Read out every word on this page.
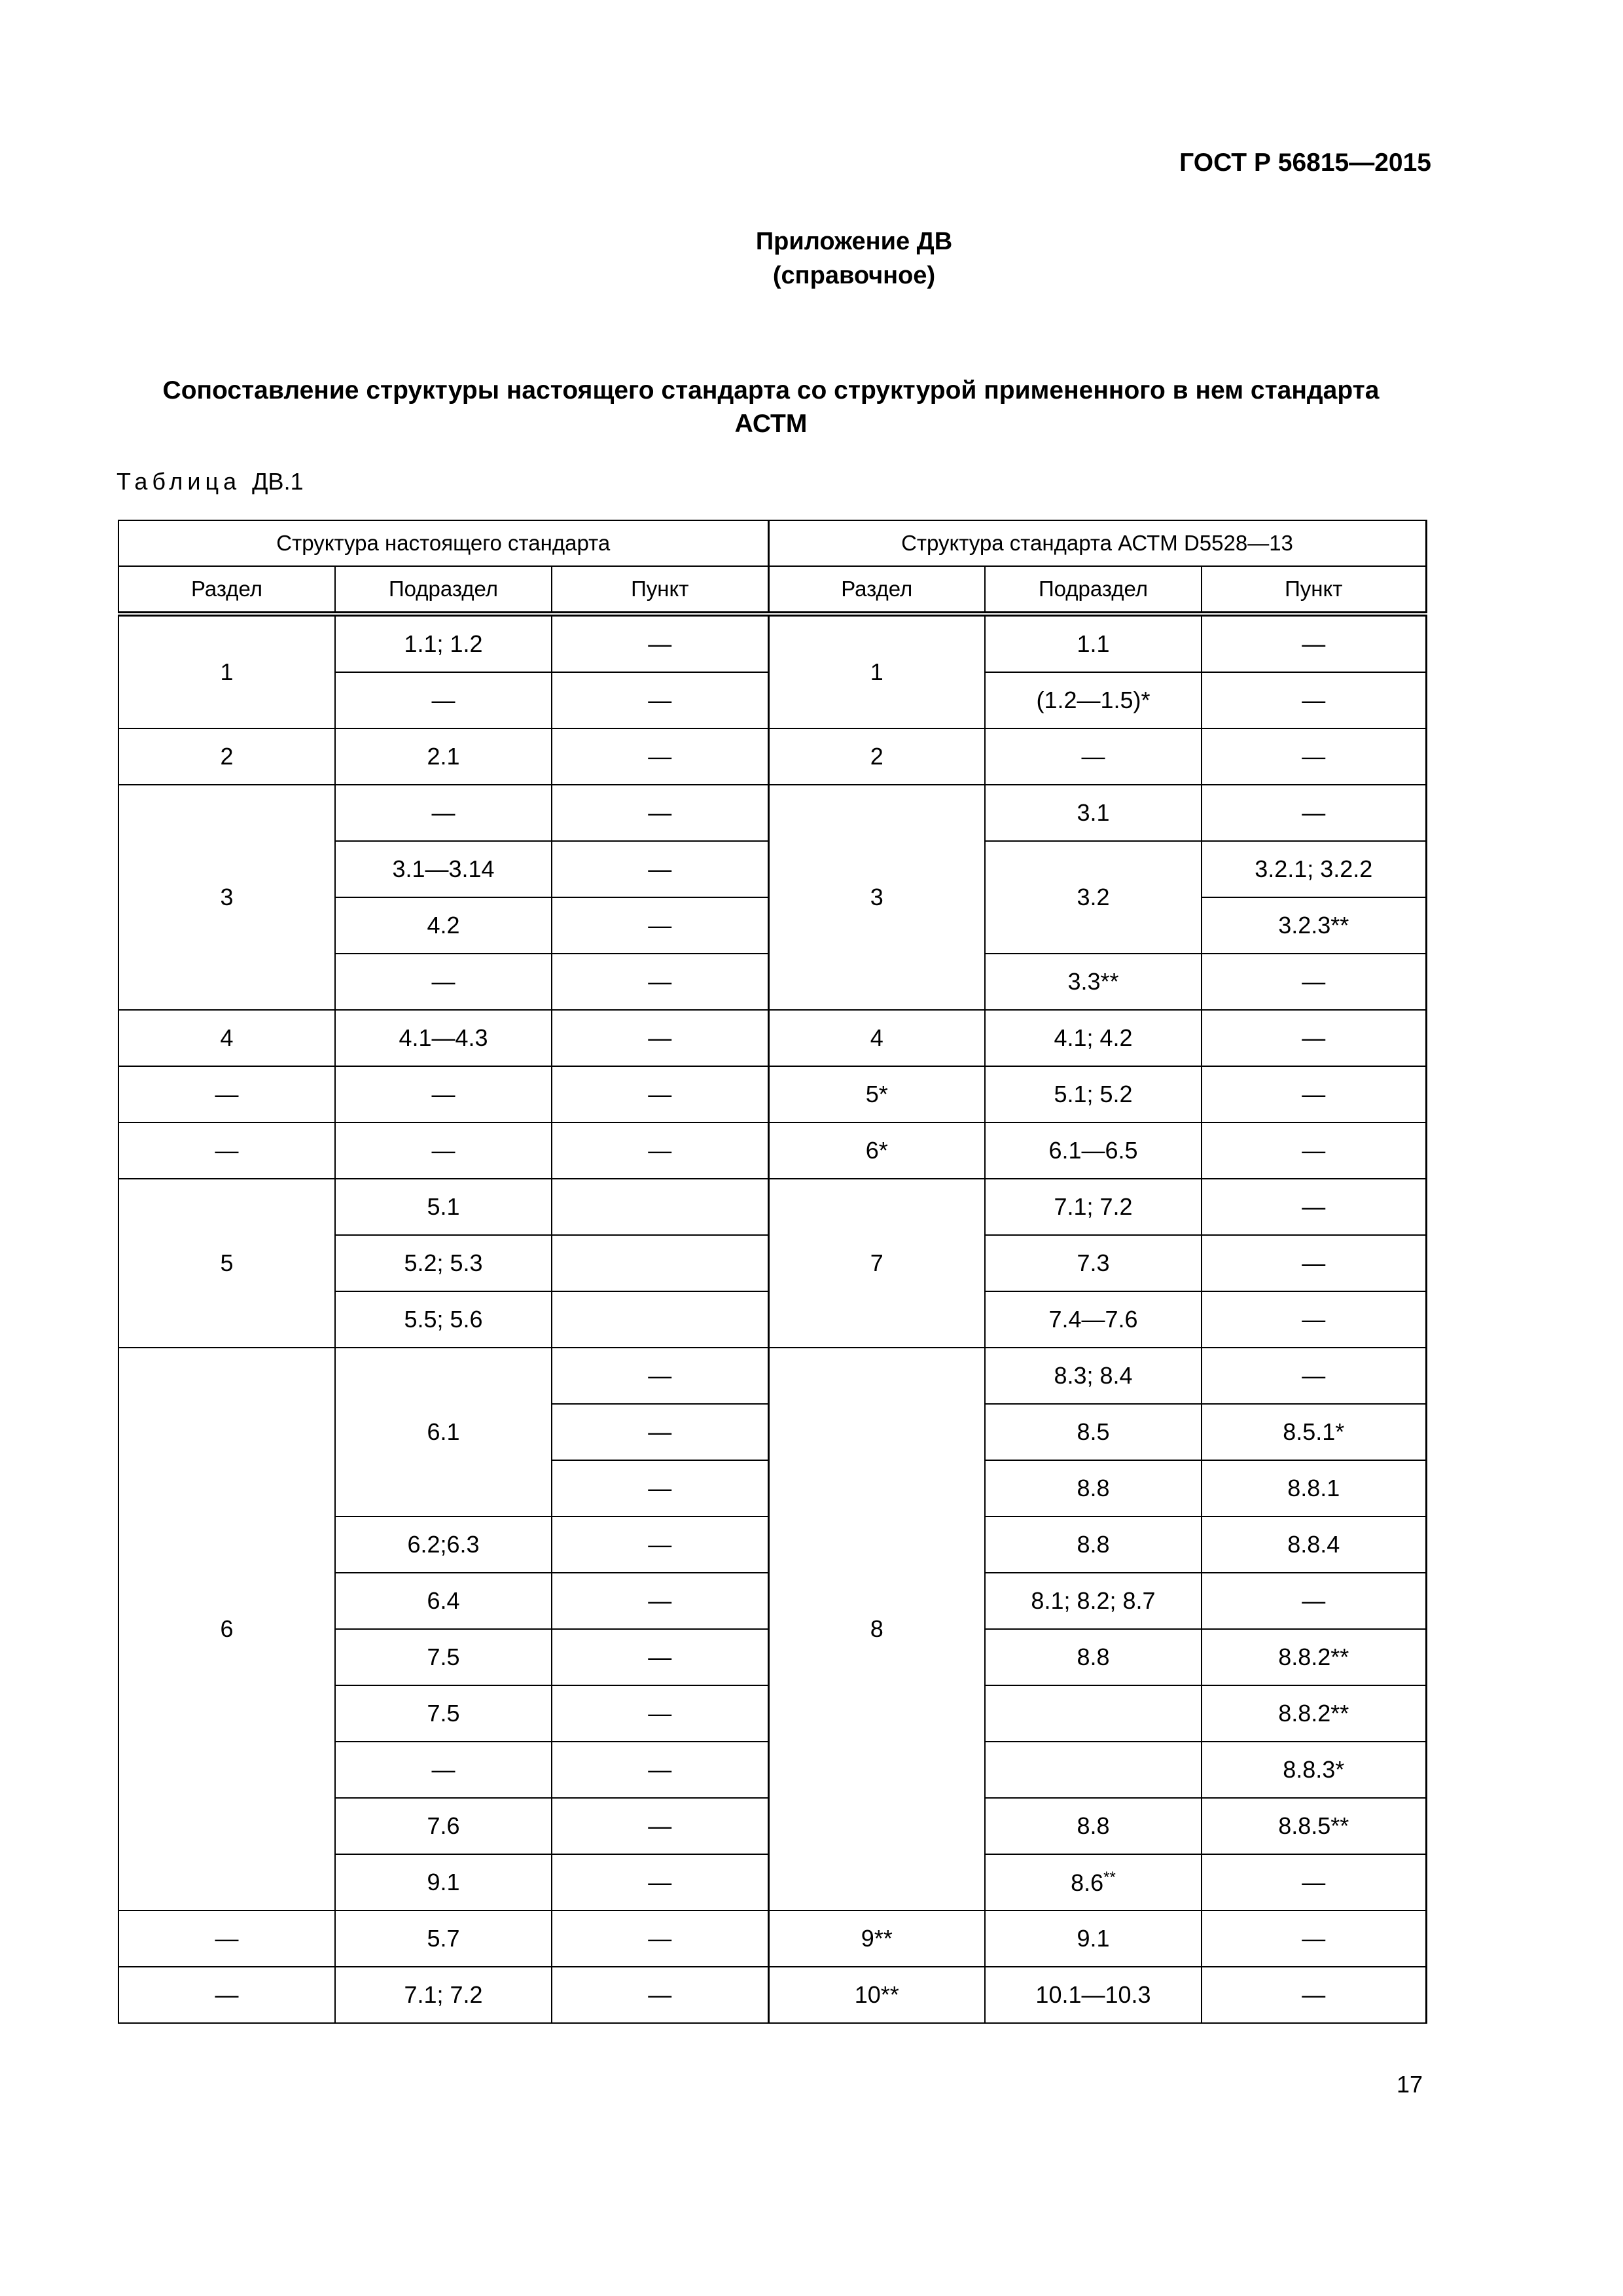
ГОСТ Р 56815—2015
Приложение ДВ
(справочное)
Сопоставление структуры настоящего стандарта со структурой примененного в нем стандарта
АСТМ
Таблица ДВ.1
Структура настоящего стандарта			Структура стандарта АСТМ D5528—13		
Раздел	Подраздел	Пункт	Раздел	Подраздел	Пункт
1	1.1; 1.2	—	1	1.1	—
	—	—		(1.2—1.5)*	—
2	2.1	—	2	—	—
3	—	—	3	3.1	—
	3.1—3.14	—		3.2	3.2.1; 3.2.2
	4.2	—			3.2.3**
	—	—		3.3**	—
4	4.1—4.3	—	4	4.1; 4.2	—
—	—	—	5*	5.1; 5.2	—
—	—	—	6*	6.1—6.5	—
5	5.1		7	7.1; 7.2	—
	5.2; 5.3			7.3	—
	5.5; 5.6			7.4—7.6	—
6	6.1	—	8	8.3; 8.4	—
		—		8.5	8.5.1*
		—		8.8	8.8.1
	6.2;6.3	—		8.8	8.8.4
	6.4	—		8.1; 8.2; 8.7	—
	7.5	—		8.8	8.8.2**
	7.5	—			8.8.2**
	—	—			8.8.3*
	7.6	—		8.8	8.8.5**
	9.1	—		8.6**	—
—	5.7	—	9**	9.1	—
—	7.1; 7.2	—	10**	10.1—10.3	—
17
